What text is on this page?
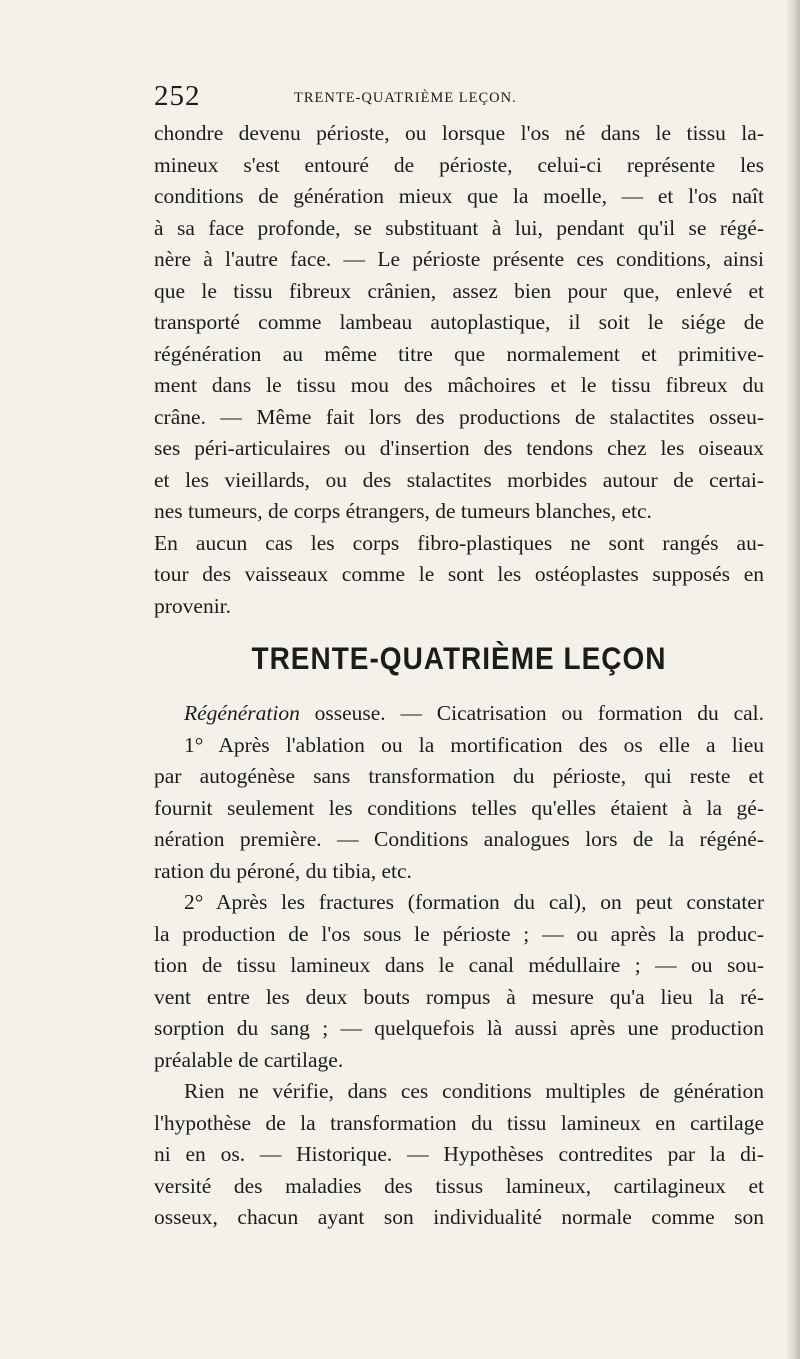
252	TRENTE-QUATRIÈME LEÇON.
chondre devenu périoste, ou lorsque l'os né dans le tissu la-
mineux s'est entouré de périoste, celui-ci représente les
conditions de génération mieux que la moelle, — et l'os naît
à sa face profonde, se substituant à lui, pendant qu'il se régé-
nère à l'autre face. — Le périoste présente ces conditions, ainsi
que le tissu fibreux crânien, assez bien pour que, enlevé et
transporté comme lambeau autoplastique, il soit le siége de
régénération au même titre que normalement et primitive-
ment dans le tissu mou des mâchoires et le tissu fibreux du
crâne. — Même fait lors des productions de stalactites osseu-
ses péri-articulaires ou d'insertion des tendons chez les oiseaux
et les vieillards, ou des stalactites morbides autour de certai-
nes tumeurs, de corps étrangers, de tumeurs blanches, etc.
En aucun cas les corps fibro-plastiques ne sont rangés au-
tour des vaisseaux comme le sont les ostéoplastes supposés en
provenir.
TRENTE-QUATRIÈME LEÇON
Régénération osseuse. — Cicatrisation ou formation du cal.
1° Après l'ablation ou la mortification des os elle a lieu
par autogénèse sans transformation du périoste, qui reste et
fournit seulement les conditions telles qu'elles étaient à la gé-
nération première. — Conditions analogues lors de la régéné-
ration du péroné, du tibia, etc.
2° Après les fractures (formation du cal), on peut constater
la production de l'os sous le périoste ; — ou après la produc-
tion de tissu lamineux dans le canal médullaire ; — ou sou-
vent entre les deux bouts rompus à mesure qu'a lieu la ré-
sorption du sang ; — quelquefois là aussi après une production
préalable de cartilage.
Rien ne vérifie, dans ces conditions multiples de génération
l'hypothèse de la transformation du tissu lamineux en cartilage
ni en os. — Historique. — Hypothèses contredites par la di-
versité des maladies des tissus lamineux, cartilagineux et
osseux, chacun ayant son individualité normale comme son
